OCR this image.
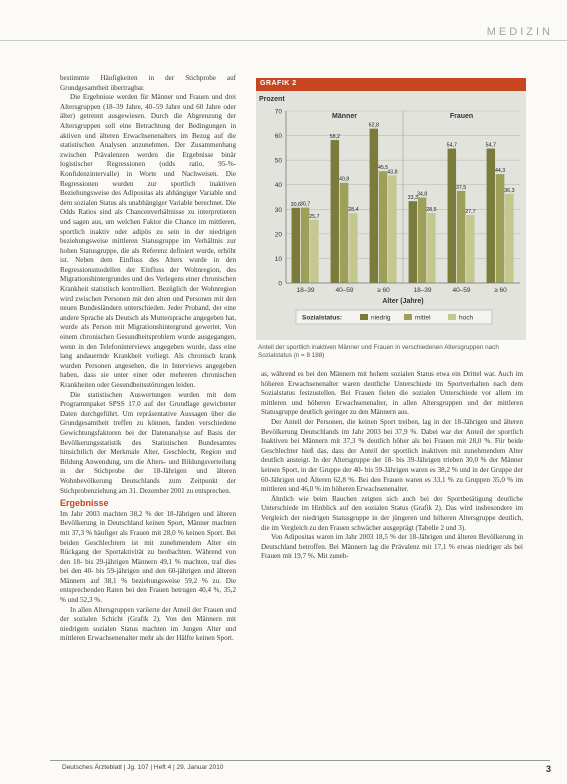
MEDIZIN

bestimmte Häufigkeiten in der Stichprobe auf Grundgesamtheit übertragbar.

Die Ergebnisse werden für Männer und Frauen und drei Altersgruppen (18–39 Jahre, 40–59 Jahre und 60 Jahre oder älter) getrennt ausgewiesen. Durch die Abgrenzung der Altersgruppen soll eine Betrachtung der Bedingungen in aktiven und älteren Erwachsenenalters im Bezug auf die statistischen Analysen anzunehmen. Der Zusammenhang zwischen Prävalenzen werden die Ergebnisse binär logistischer Regressionen (odds ratio, 95-%-Konfidenzintervalle) in Worte und Nachweisen. Die Regressionen wurden zur sportlich inaktiven Beziehungsweise des Adipositas als abhängiger Variable und dem sozialen Status als unabhängiger Variable berechnet. Die Odds Ratios sind als Chancenverhältnisse zu interpretieren und sagen aus, um welchen Faktor die Chance im mittleren, sportlich inaktiv oder adipös zu sein in der niedrigen beziehungsweise mittleren Statusgruppe im Verhältnis zur hohen Statusgruppe, die als Referenz definiert wurde, erhöht ist. Neben dem Einfluss des Alters wurde in den Regressionsmodellen der Einfluss der Wohnregion, des Migrationshintergrundes und des Verlegens einer chronischen Krankheit statistisch kontrolliert. Bezüglich der Wohnregion wird zwischen Personen mit den alten und Personen mit den neuen Bundesländern unterschieden. Jeder Proband, der eine andere Sprache als Deutsch als Muttersprache angegeben hat, wurde als Person mit Migrationshintergrund gewertet. Von einem chronischen Gesundheitsproblem wurde ausgegangen, wenn in den Telefoninterviews angegeben wurde, dass eine lang andauernde Krankheit vorliegt. Als chronisch krank wurden Personen angesehen, die in Interviews angegeben haben, dass sie unter einer oder mehreren chronischen Krankheiten oder Gesundheitsstörungen leiden.

Die statistischen Auswertungen wurden mit dem Programmpaket SPSS 17.0 auf der Grundlage gewichteter Daten durchgeführt. Um repräsentative Aussagen über die Grundgesamtheit treffen zu können, fanden verschiedene Gewichtungsfaktoren bei der Datenanalyse auf Basis der Bevölkerungsstatistik des Statistischen Bundesamtes hinsichtlich der Merkmale Alter, Geschlecht, Region und Bildung Anwendung, um die Alters- und Bildungsverteilung in der Stichprobe der 18-Jährigen und älteren Wohnbevölkerung Deutschlands zum Zeitpunkt der Stichprobenziehung am 31. Dezember 2001 zu entsprechen.

Ergebnisse

Im Jahr 2003 machten 38,2 % der 18-Jährigen und älteren Bevölkerung in Deutschland keinen Sport, Männer machten mit 37,3 % häufiger als Frauen mit 28,0 % keinen Sport. Bei beiden Geschlechtern ist mit zunehmendem Alter ein Rückgang der Sportaktivität zu beobachten. Während von den 18- bis 29-jährigen Männern 49,1 % machten, traf dies bei den 40- bis 59-jährigen und den 60-jährigen und älteren Männern auf 38,1 % beziehungsweise 59,2 % zu. Die entsprechenden Raten bei den Frauen betrugen 40,4 %, 35,2 % und 52,3 %.

In allen Altersgruppen variierte der Anteil der Frauen und der sozialen Schicht (Grafik 2). Von den Männern mit niedrigem sozialen Status machten im Jungen Alter und mittleren Erwachsenenalter mehr als der Hälfte keinen Sport.

GRAFIK 2
Prozent
0
10
20
30
40
50
60
70
30,6
30,7
25,7
18–39
58,2
40,8
28,4
40–59
62,8
45,5
43,8
≥ 60
33,3
34,8
28,5
18–39
54,7
37,5
27,7
40–59
54,7
44,3
36,3
≥ 60
Männer	Frauen
Alter (Jahre)
Sozialstatus:	niedrig	mittel	hoch
Anteil der sportlich inaktiven Männer und Frauen in verschiedenen Altersgruppen nach Sozialstatus (n = 8 188)

as, während es bei den Männern mit hohem sozialen Status etwa ein Drittel war. Auch im höheren Erwachsenenalter waren deutliche Unterschiede im Sportverhalten nach dem Sozialstatus festzustellen. Bei Frauen fielen die sozialen Unterschiede vor allem im mittleren und höheren Erwachsenenalter, in allen Altersgruppen und der mittleren Statusgruppe deutlich geringer zu den Männern aus.

Der Anteil der Personen, die keinen Sport treiben, lag in der 18-Jährigen und älteren Bevölkerung Deutschlands im Jahr 2003 bei 37,9 %. Dabei war der Anteil der sportlich Inaktiven bei Männern mit 37,3 % deutlich höher als bei Frauen mit 28,0 %. Für beide Geschlechter hieß das, dass der Anteil der sportlich inaktiven mit zunehmendem Alter deutlich ansteigt. In der Altersgruppe der 18- bis 39-Jährigen trieben 30,0 % der Männer keinen Sport, in der Gruppe der 40- bis 59-Jährigen waren es 38,2 % und in der Gruppe der 60-Jährigen und Älteren 62,8 %. Bei den Frauen waren es 33,1 % zu Gruppen 35,0 % im mittleren und 46,0 % im höheren Erwachsenenalter.

Ähnlich wie beim Rauchen zeigten sich auch bei der Sportbetätigung deutliche Unterschiede im Hinblick auf den sozialen Status (Grafik 2). Das wird insbesondere im Vergleich der niedrigen Statusgruppe in der jüngeren und höheren Altersgruppe deutlich, die im Vergleich zu den Frauen schwächer ausgeprägt (Tabelle 2 und 3).

Von Adipositas waren im Jahr 2003 18,5 % der 18-Jährigen und älteren Bevölkerung in Deutschland betroffen. Bei Männern lag die Prävalenz mit 17,1 % etwas niedriger als bei Frauen mit 19,7 %. Mit zuneh-

Deutsches Ärzteblatt | Jg. 107 | Heft 4 | 29. Januar 2010	3
